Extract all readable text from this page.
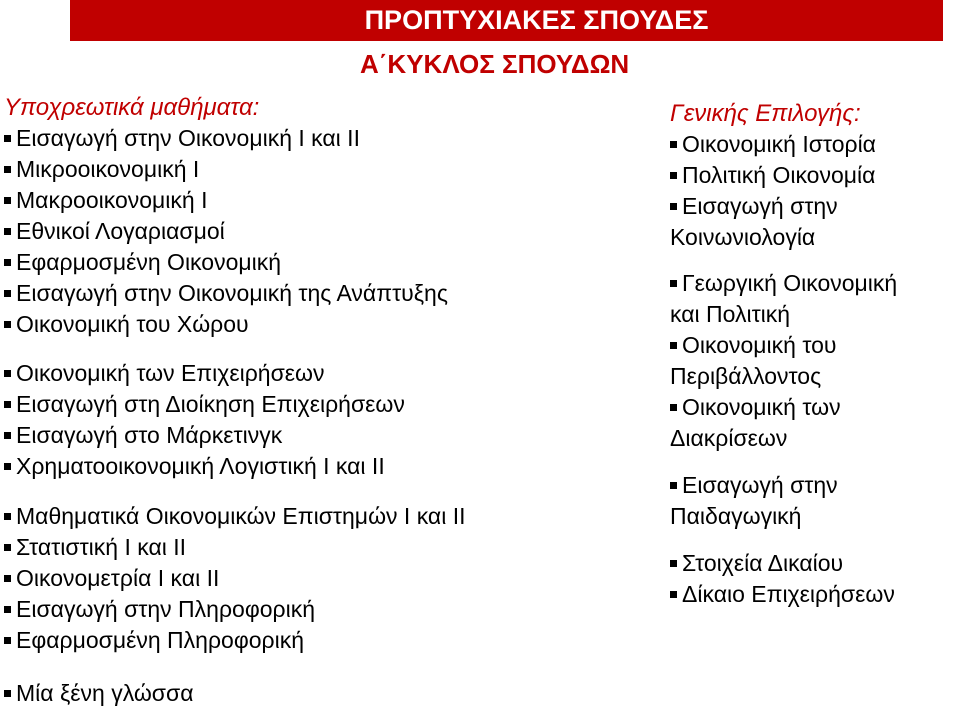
ΠΡΟΠΤΥΧΙΑΚΕΣ ΣΠΟΥΔΕΣ
Α΄ΚΥΚΛΟΣ ΣΠΟΥΔΩΝ
Υποχρεωτικά μαθήματα:
Εισαγωγή στην Οικονομική Ι και ΙΙ
Μικροοικονομική Ι
Μακροοικονομική Ι
Εθνικοί Λογαριασμοί
Εφαρμοσμένη Οικονομική
Εισαγωγή στην Οικονομική της Ανάπτυξης
Οικονομική του Χώρου
Οικονομική των Επιχειρήσεων
Εισαγωγή στη Διοίκηση Επιχειρήσεων
Εισαγωγή στο Μάρκετινγκ
Χρηματοοικονομική Λογιστική Ι και ΙΙ
Μαθηματικά Οικονομικών Επιστημών Ι και ΙΙ
Στατιστική Ι και ΙΙ
Οικονομετρία Ι και ΙΙ
Εισαγωγή στην Πληροφορική
Εφαρμοσμένη Πληροφορική
Μία ξένη γλώσσα
Γενικής Επιλογής:
Οικονομική Ιστορία
Πολιτική Οικονομία
Εισαγωγή στην
Κοινωνιολογία
Γεωργική Οικονομική
και Πολιτική
Οικονομική του
Περιβάλλοντος
Οικονομική των
Διακρίσεων
Εισαγωγή στην
Παιδαγωγική
Στοιχεία Δικαίου
Δίκαιο Επιχειρήσεων
